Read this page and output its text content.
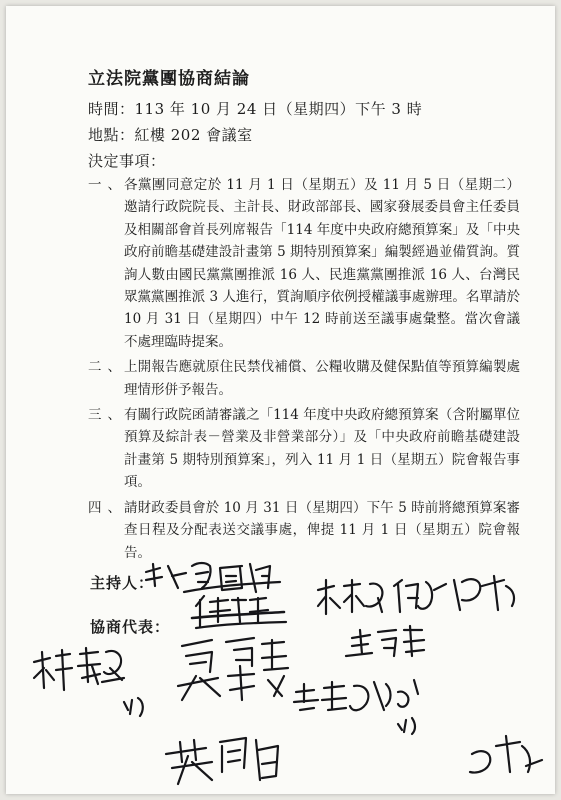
立法院黨團協商結論
時間：113 年 10 月 24 日（星期四）下午 3 時
地點：紅樓 202 會議室
決定事項：
一、
各黨團同意定於 11 月 1 日（星期五）及 11 月 5 日（星期二）邀請行政院院長、主計長、財政部部長、國家發展委員會主任委員及相關部會首長列席報告「114 年度中央政府總預算案」及「中央政府前瞻基礎建設計畫第 5 期特別預算案」編製經過並備質詢。質詢人數由國民黨黨團推派 16 人、民進黨黨團推派 16 人、台灣民眾黨黨團推派 3 人進行，質詢順序依例授權議事處辦理。名單請於 10 月 31 日（星期四）中午 12 時前送至議事處彙整。當次會議不處理臨時提案。
二、
上開報告應就原住民禁伐補償、公糧收購及健保點值等預算編製處理情形併予報告。
三、
有關行政院函請審議之「114 年度中央政府總預算案（含附屬單位預算及綜計表－營業及非營業部分）」及「中央政府前瞻基礎建設計畫第 5 期特別預算案」，列入 11 月 1 日（星期五）院會報告事項。
四、
請財政委員會於 10 月 31 日（星期四）下午 5 時前將總預算案審查日程及分配表送交議事處，俾提 11 月 1 日（星期五）院會報告。
主持人：
協商代表：
